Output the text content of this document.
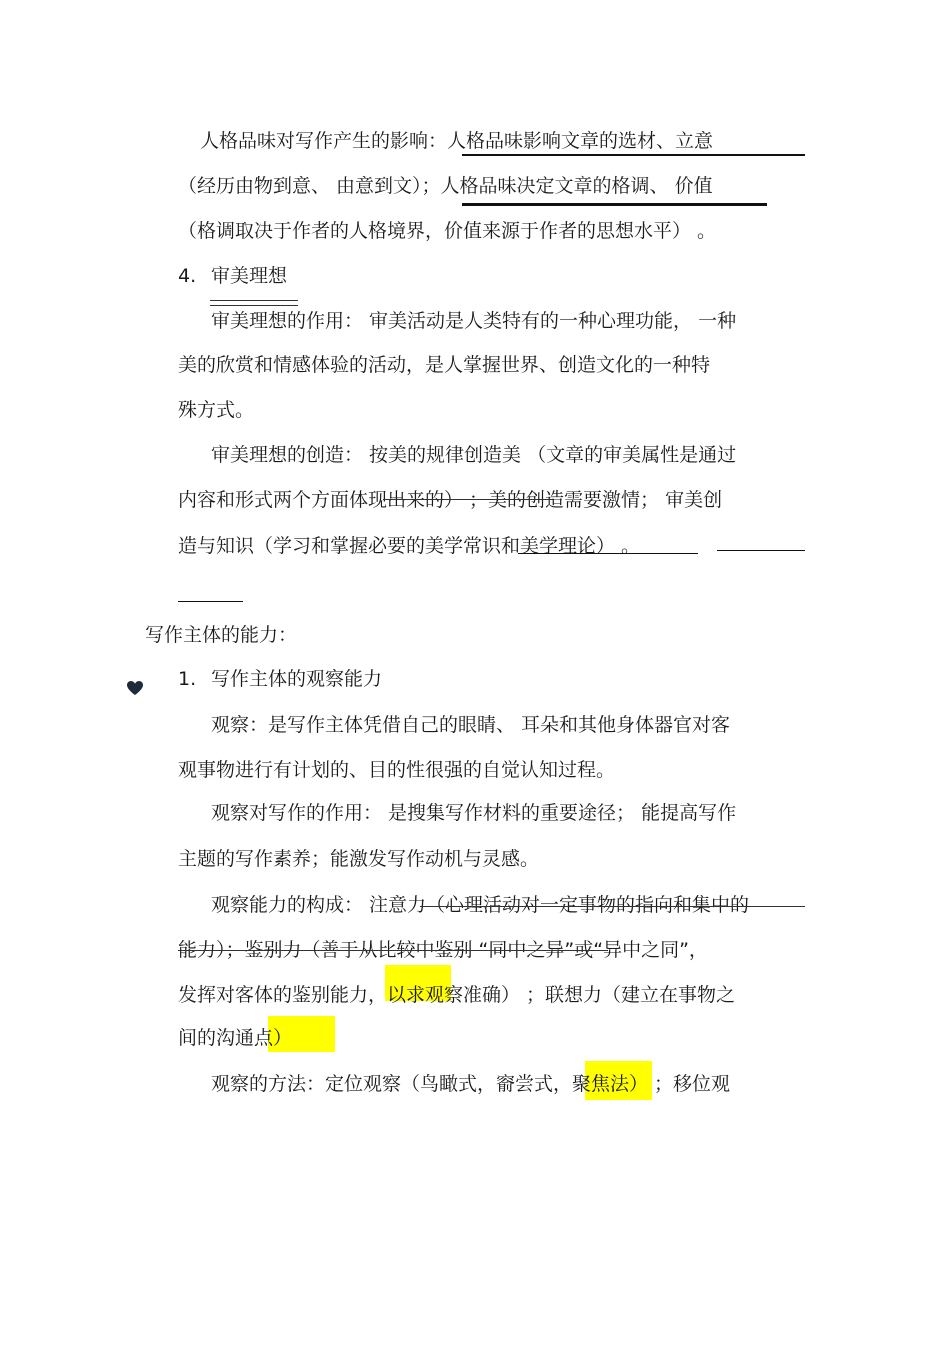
人格品味对写作产生的影响：人格品味影响文章的选材、立意
（经历由物到意、 由意到文）；人格品味决定文章的格调、 价值
（格调取决于作者的人格境界，价值来源于作者的思想水平） 。
4. 审美理想
审美理想的作用： 审美活动是人类特有的一种心理功能， 一种
美的欣赏和情感体验的活动，是人掌握世界、创造文化的一种特
殊方式。
审美理想的创造： 按美的规律创造美 （文章的审美属性是通过
内容和形式两个方面体现出来的） ；美的创造需要激情； 审美创
造与知识（学习和掌握必要的美学常识和美学理论） 。
写作主体的能力：
1. 写作主体的观察能力
观察：是写作主体凭借自己的眼睛、 耳朵和其他身体器官对客
观事物进行有计划的、目的性很强的自觉认知过程。
观察对写作的作用： 是搜集写作材料的重要途径； 能提高写作
主题的写作素养；能激发写作动机与灵感。
观察能力的构成： 注意力（心理活动对一定事物的指向和集中的
能力）；鉴别力（善于从比较中鉴别 “同中之异”或“异中之同”，
发挥对客体的鉴别能力，以求观察准确） ；联想力（建立在事物之
间的沟通点）
观察的方法：定位观察（鸟瞰式，窬尝式，聚焦法） ；移位观
